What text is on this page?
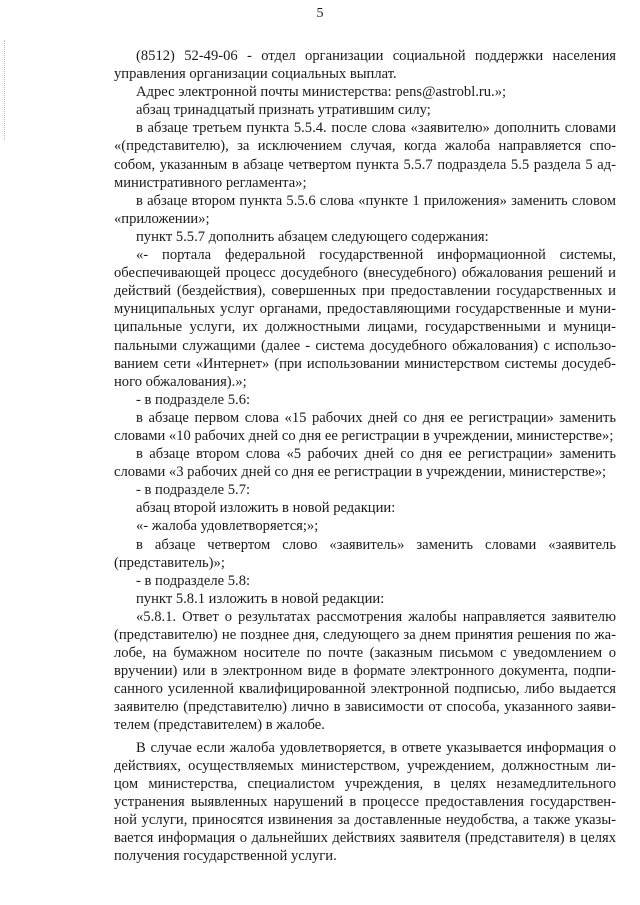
5

(8512) 52-49-06 - отдел организации социальной поддержки населения управления организации социальных выплат.

Адрес электронной почты министерства: pens@astrobl.ru.»;

абзац тринадцатый признать утратившим силу;

в абзаце третьем пункта 5.5.4. после слова «заявителю» дополнить словами «(представителю), за исключением случая, когда жалоба направляется способом, указанным в абзаце четвертом пункта 5.5.7 подраздела 5.5 раздела 5 административного регламента»;

в абзаце втором пункта 5.5.6 слова «пункте 1 приложения» заменить словом «приложении»;

пункт 5.5.7 дополнить абзацем следующего содержания:

«- портала федеральной государственной информационной системы, обеспечивающей процесс досудебного (внесудебного) обжалования решений и действий (бездействия), совершенных при предоставлении государственных и муниципальных услуг органами, предоставляющими государственные и муниципальные услуги, их должностными лицами, государственными и муниципальными служащими (далее - система досудебного обжалования) с использованием сети «Интернет» (при использовании министерством системы досудебного обжалования).»;

- в подразделе 5.6:

в абзаце первом слова «15 рабочих дней со дня ее регистрации» заменить словами «10 рабочих дней со дня ее регистрации в учреждении, министерстве»;

в абзаце втором слова «5 рабочих дней со дня ее регистрации» заменить словами «3 рабочих дней со дня ее регистрации в учреждении, министерстве»;

- в подразделе 5.7:

абзац второй изложить в новой редакции:

«- жалоба удовлетворяется;»;

в абзаце четвертом слово «заявитель» заменить словами «заявитель (представитель)»;

- в подразделе 5.8:

пункт 5.8.1 изложить в новой редакции:

«5.8.1. Ответ о результатах рассмотрения жалобы направляется заявителю (представителю) не позднее дня, следующего за днем принятия решения по жалобе, на бумажном носителе по почте (заказным письмом с уведомлением о вручении) или в электронном виде в формате электронного документа, подписанного усиленной квалифицированной электронной подписью, либо выдается заявителю (представителю) лично в зависимости от способа, указанного заявителем (представителем) в жалобе.

В случае если жалоба удовлетворяется, в ответе указывается информация о действиях, осуществляемых министерством, учреждением, должностным лицом министерства, специалистом учреждения, в целях незамедлительного устранения выявленных нарушений в процессе предоставления государственной услуги, приносятся извинения за доставленные неудобства, а также указывается информация о дальнейших действиях заявителя (представителя) в целях получения государственной услуги.
